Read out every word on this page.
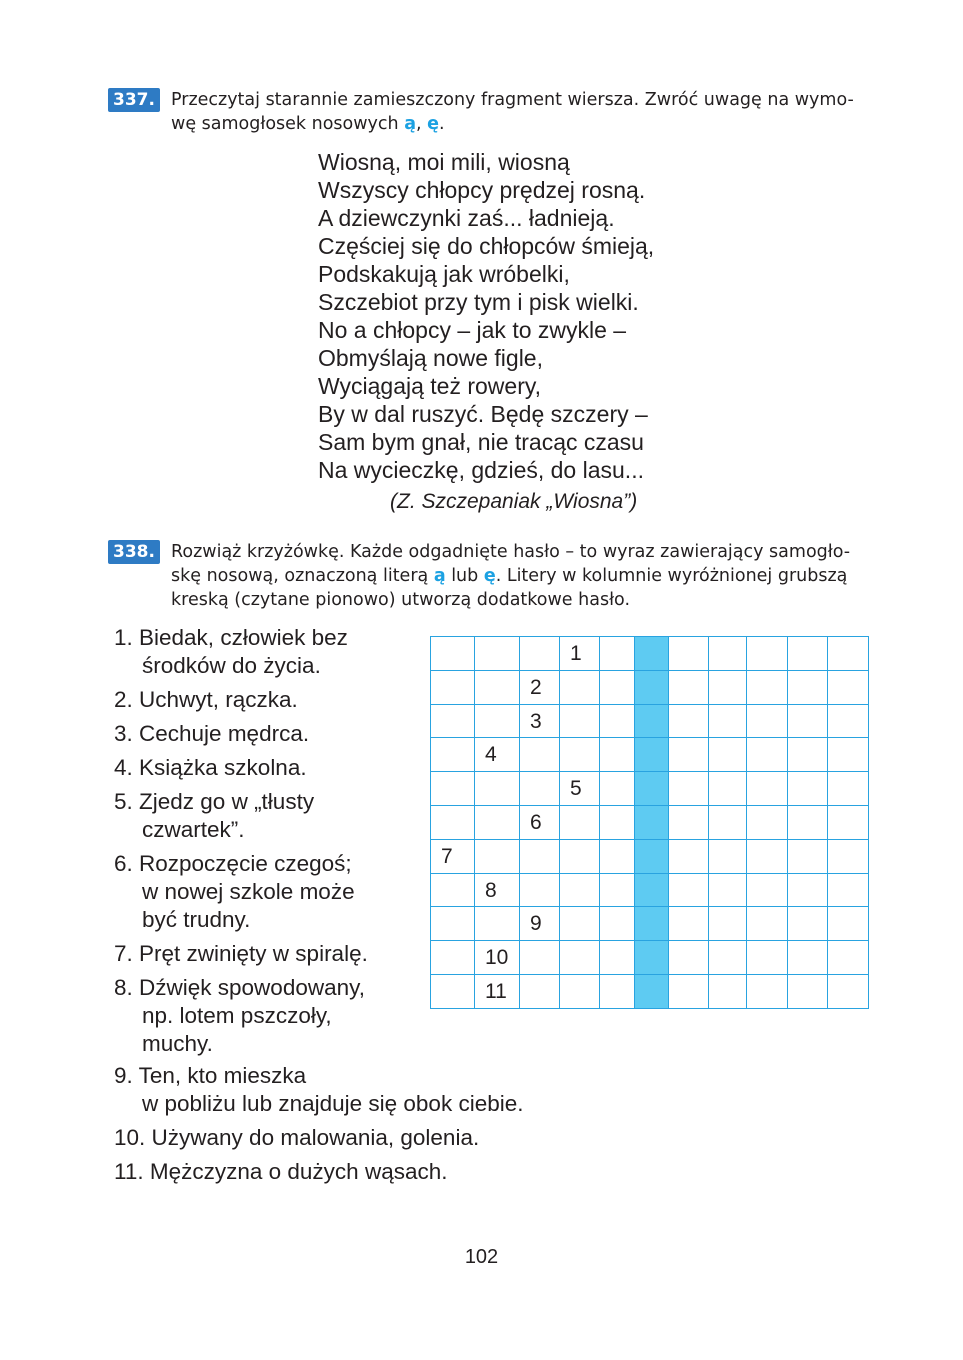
337. Przeczytaj starannie zamieszczony fragment wiersza. Zwróć uwagę na wymo-
wę samogłosek nosowych ą, ę.
Wiosną, moi mili, wiosną
Wszyscy chłopcy prędzej rosną.
A dziewczynki zaś... ładnieją.
Częściej się do chłopców śmieją,
Podskakują jak wróbelki,
Szczebiot przy tym i pisk wielki.
No a chłopcy – jak to zwykle –
Obmyślają nowe figle,
Wyciągają też rowery,
By w dal ruszyć. Będę szczery –
Sam bym gnał, nie tracąc czasu
Na wycieczkę, gdzieś, do lasu...
(Z. Szczepaniak „Wiosna”)
338. Rozwiąż krzyżówkę. Każde odgadnięte hasło – to wyraz zawierający samogło-
skę nosową, oznaczoną literą ą lub ę. Litery w kolumnie wyróżnionej grubszą
kreską (czytane pionowo) utworzą dodatkowe hasło.
1. Biedak, człowiek bez
środków do życia.
2. Uchwyt, rączka.
3. Cechuje mędrca.
4. Książka szkolna.
5. Zjedz go w „tłusty
czwartek”.
6. Rozpoczęcie czegoś;
w nowej szkole może
być trudny.
7. Pręt zwinięty w spiralę.
8. Dźwięk spowodowany,
np. lotem pszczoły,
muchy.
9. Ten, kto mieszka
w pobliżu lub znajduje się obok ciebie.
10. Używany do malowania, golenia.
11. Mężczyzna o dużych wąsach.
1
2
3
4
5
6
7
8
9
10
11
102
